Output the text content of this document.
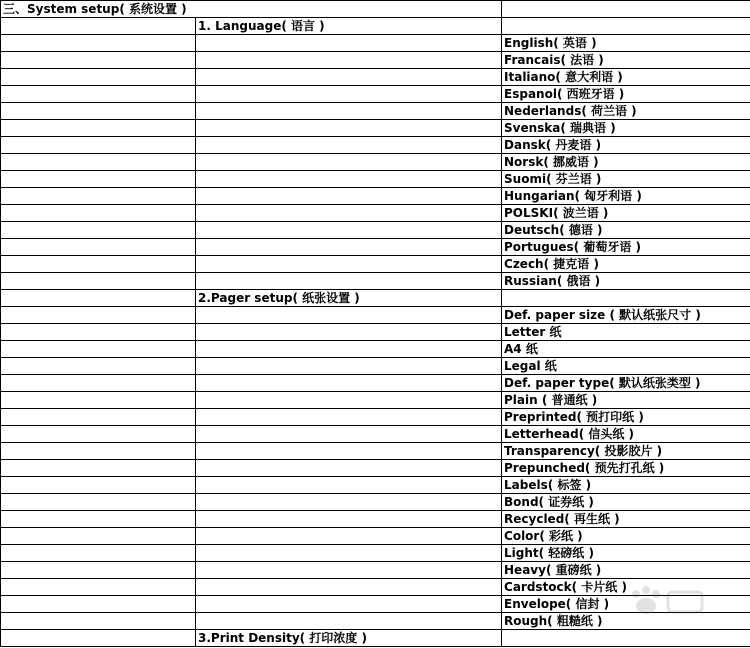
三、System setup( 系统设置 )		
	1. Language( 语言 )	
		English( 英语 )
		Francais( 法语 )
		Italiano( 意大利语 )
		Espanol( 西班牙语 )
		Nederlands( 荷兰语 )
		Svenska( 瑞典语 )
		Dansk( 丹麦语 )
		Norsk( 挪威语 )
		Suomi( 芬兰语 )
		Hungarian( 匈牙利语 )
		POLSKI( 波兰语 )
		Deutsch( 德语 )
		Portugues( 葡萄牙语 )
		Czech( 捷克语 )
		Russian( 俄语 )
	2.Pager setup( 纸张设置 )	
		Def. paper size ( 默认纸张尺寸 )
		Letter 纸
		A4 纸
		Legal 纸
		Def. paper type( 默认纸张类型 )
		Plain ( 普通纸 )
		Preprinted( 预打印纸 )
		Letterhead( 信头纸 )
		Transparency( 投影胶片 )
		Prepunched( 预先打孔纸 )
		Labels( 标签 )
		Bond( 证券纸 )
		Recycled( 再生纸 )
		Color( 彩纸 )
		Light( 轻磅纸 )
		Heavy( 重磅纸 )
		Cardstock( 卡片纸 )
		Envelope( 信封 )
		Rough( 粗糙纸 )
	3.Print Density( 打印浓度 )	
